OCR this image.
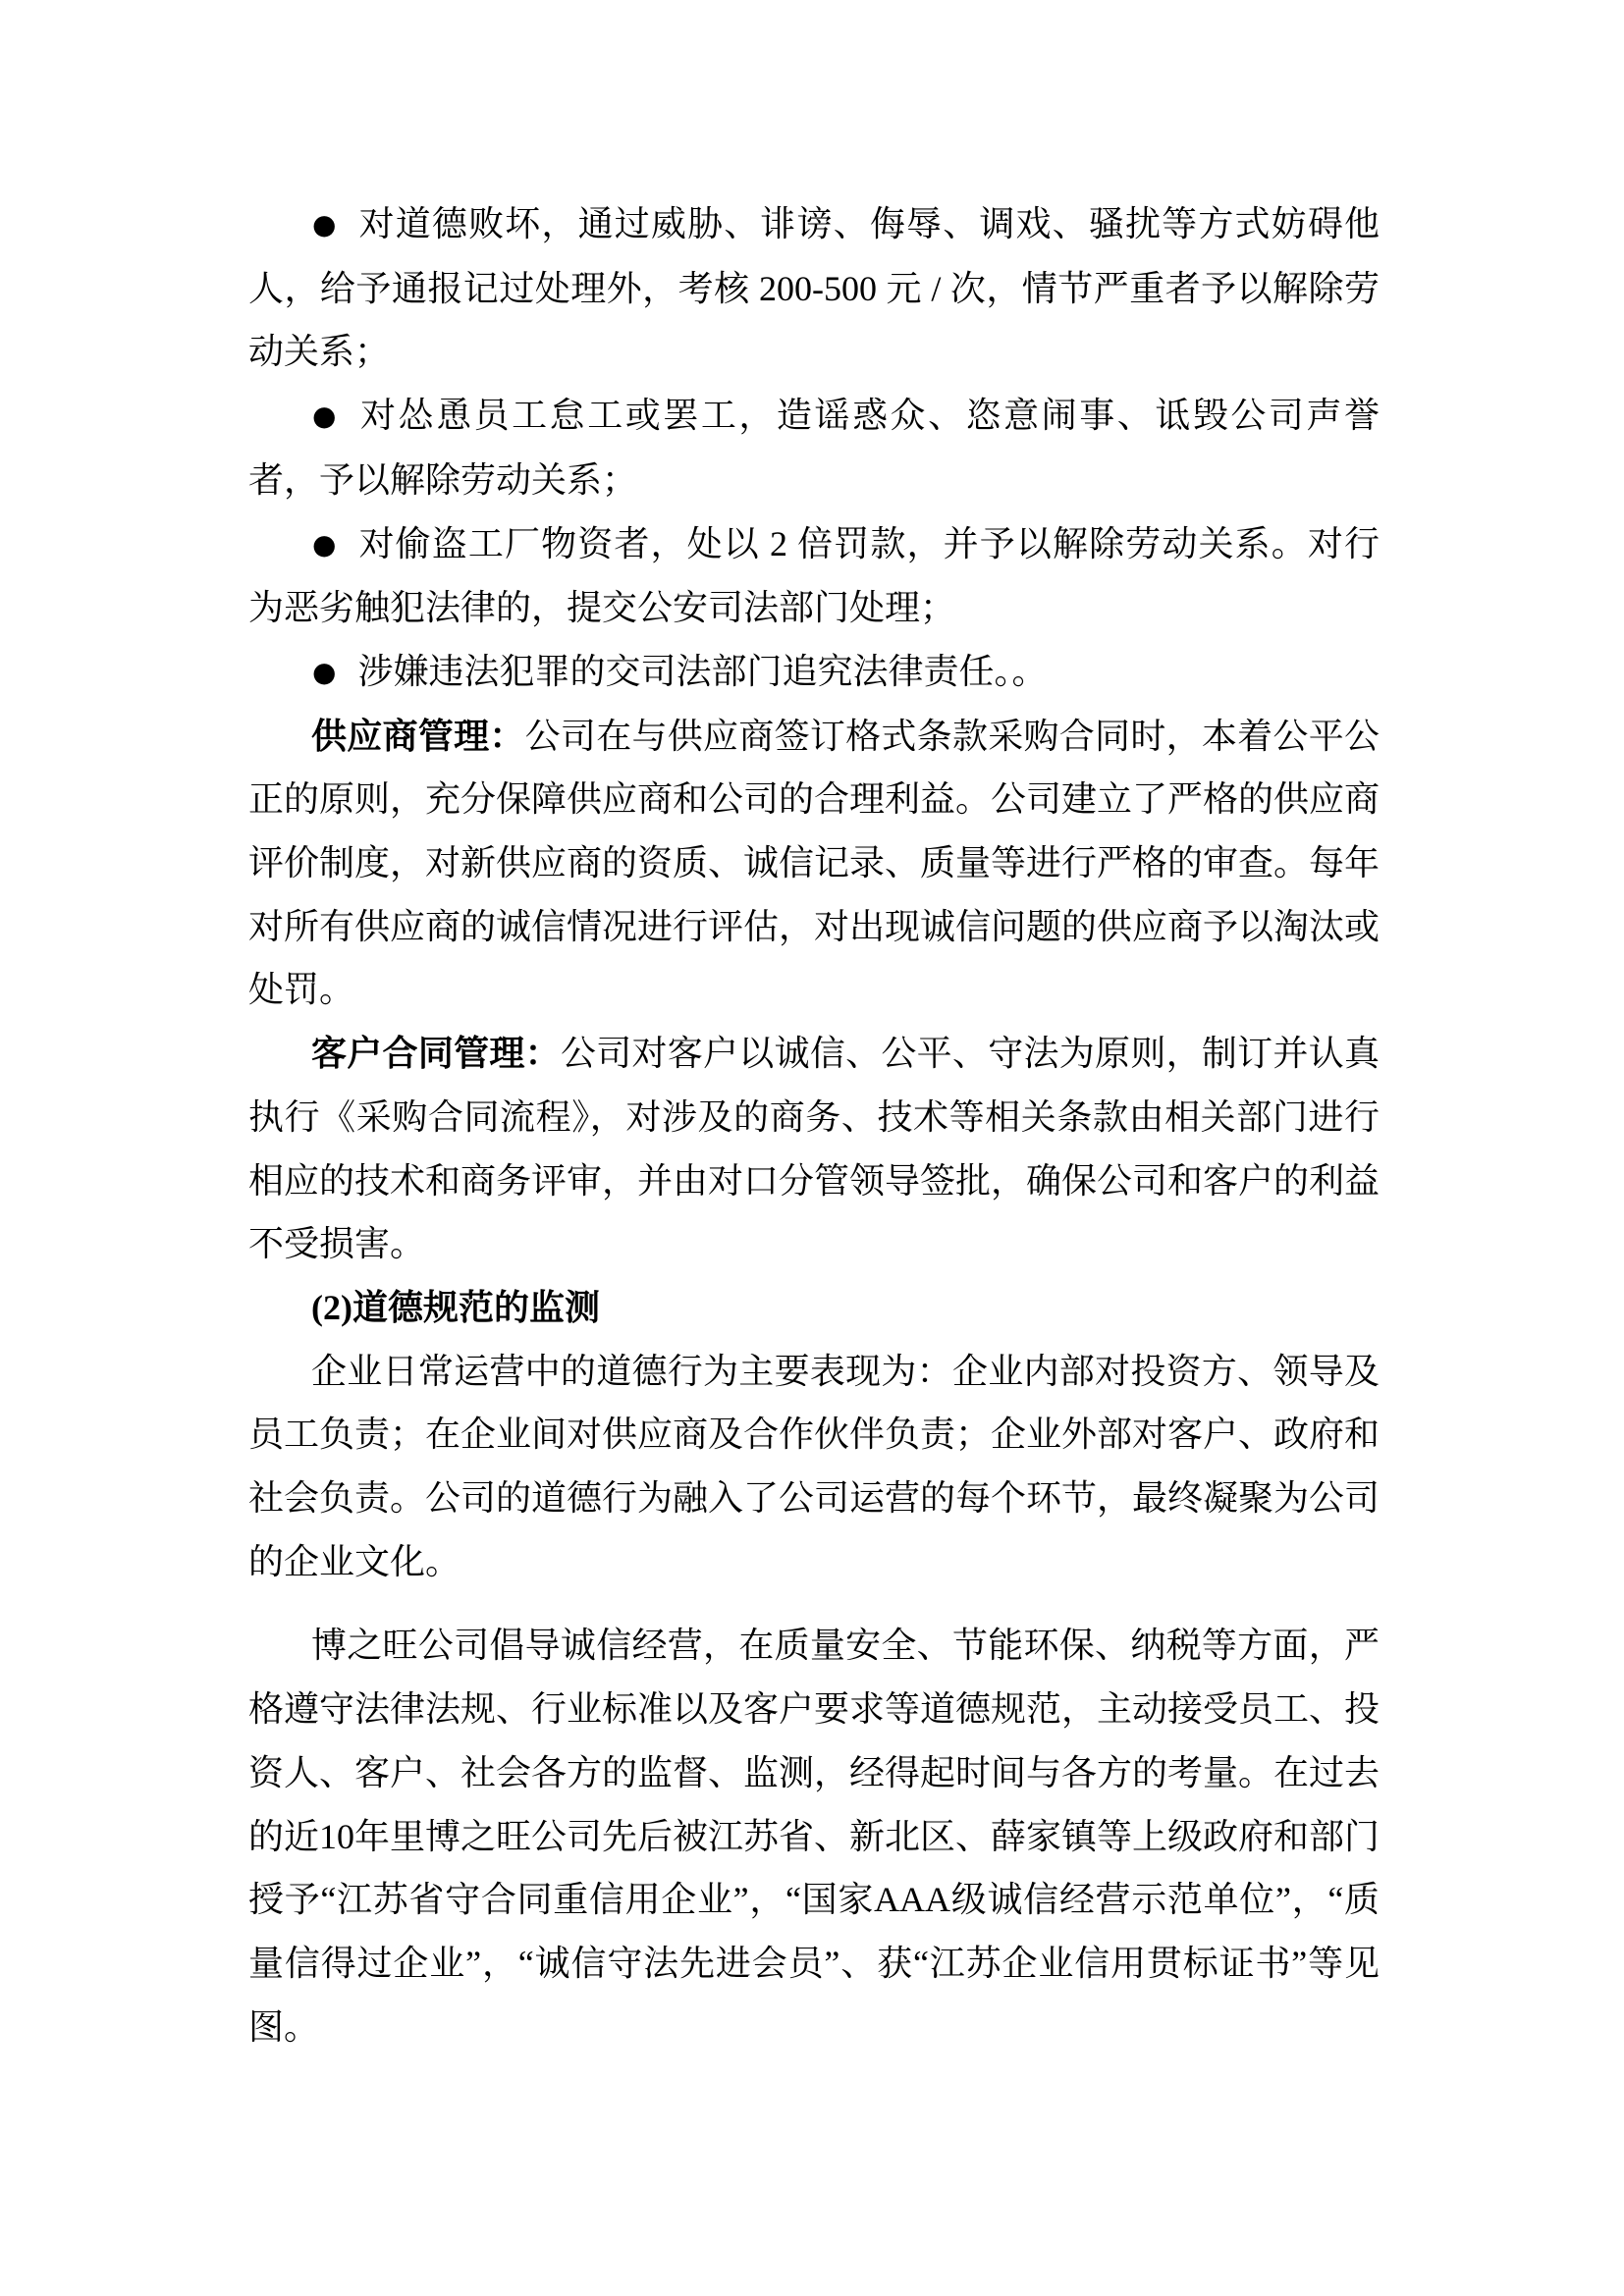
● 对道德败坏，通过威胁、诽谤、侮辱、调戏、骚扰等方式妨碍他人，给予通报记过处理外，考核 200-500 元 / 次，情节严重者予以解除劳动关系；

● 对怂恿员工怠工或罢工，造谣惑众、恣意闹事、诋毁公司声誉者，予以解除劳动关系；

● 对偷盗工厂物资者，处以 2 倍罚款，并予以解除劳动关系。对行为恶劣触犯法律的，提交公安司法部门处理；

● 涉嫌违法犯罪的交司法部门追究法律责任。。

供应商管理：公司在与供应商签订格式条款采购合同时，本着公平公正的原则，充分保障供应商和公司的合理利益。公司建立了严格的供应商评价制度，对新供应商的资质、诚信记录、质量等进行严格的审查。每年对所有供应商的诚信情况进行评估，对出现诚信问题的供应商予以淘汰或处罚。

客户合同管理：公司对客户以诚信、公平、守法为原则，制订并认真执行《采购合同流程》，对涉及的商务、技术等相关条款由相关部门进行相应的技术和商务评审，并由对口分管领导签批，确保公司和客户的利益不受损害。

(2)道德规范的监测

企业日常运营中的道德行为主要表现为：企业内部对投资方、领导及员工负责；在企业间对供应商及合作伙伴负责；企业外部对客户、政府和社会负责。公司的道德行为融入了公司运营的每个环节，最终凝聚为公司的企业文化。

博之旺公司倡导诚信经营，在质量安全、节能环保、纳税等方面，严格遵守法律法规、行业标准以及客户要求等道德规范，主动接受员工、投资人、客户、社会各方的监督、监测，经得起时间与各方的考量。在过去的近10年里博之旺公司先后被江苏省、新北区、薛家镇等上级政府和部门授予“江苏省守合同重信用企业”，“国家AAA级诚信经营示范单位”，“质量信得过企业”，“诚信守法先进会员”、获“江苏企业信用贯标证书”等见图。
